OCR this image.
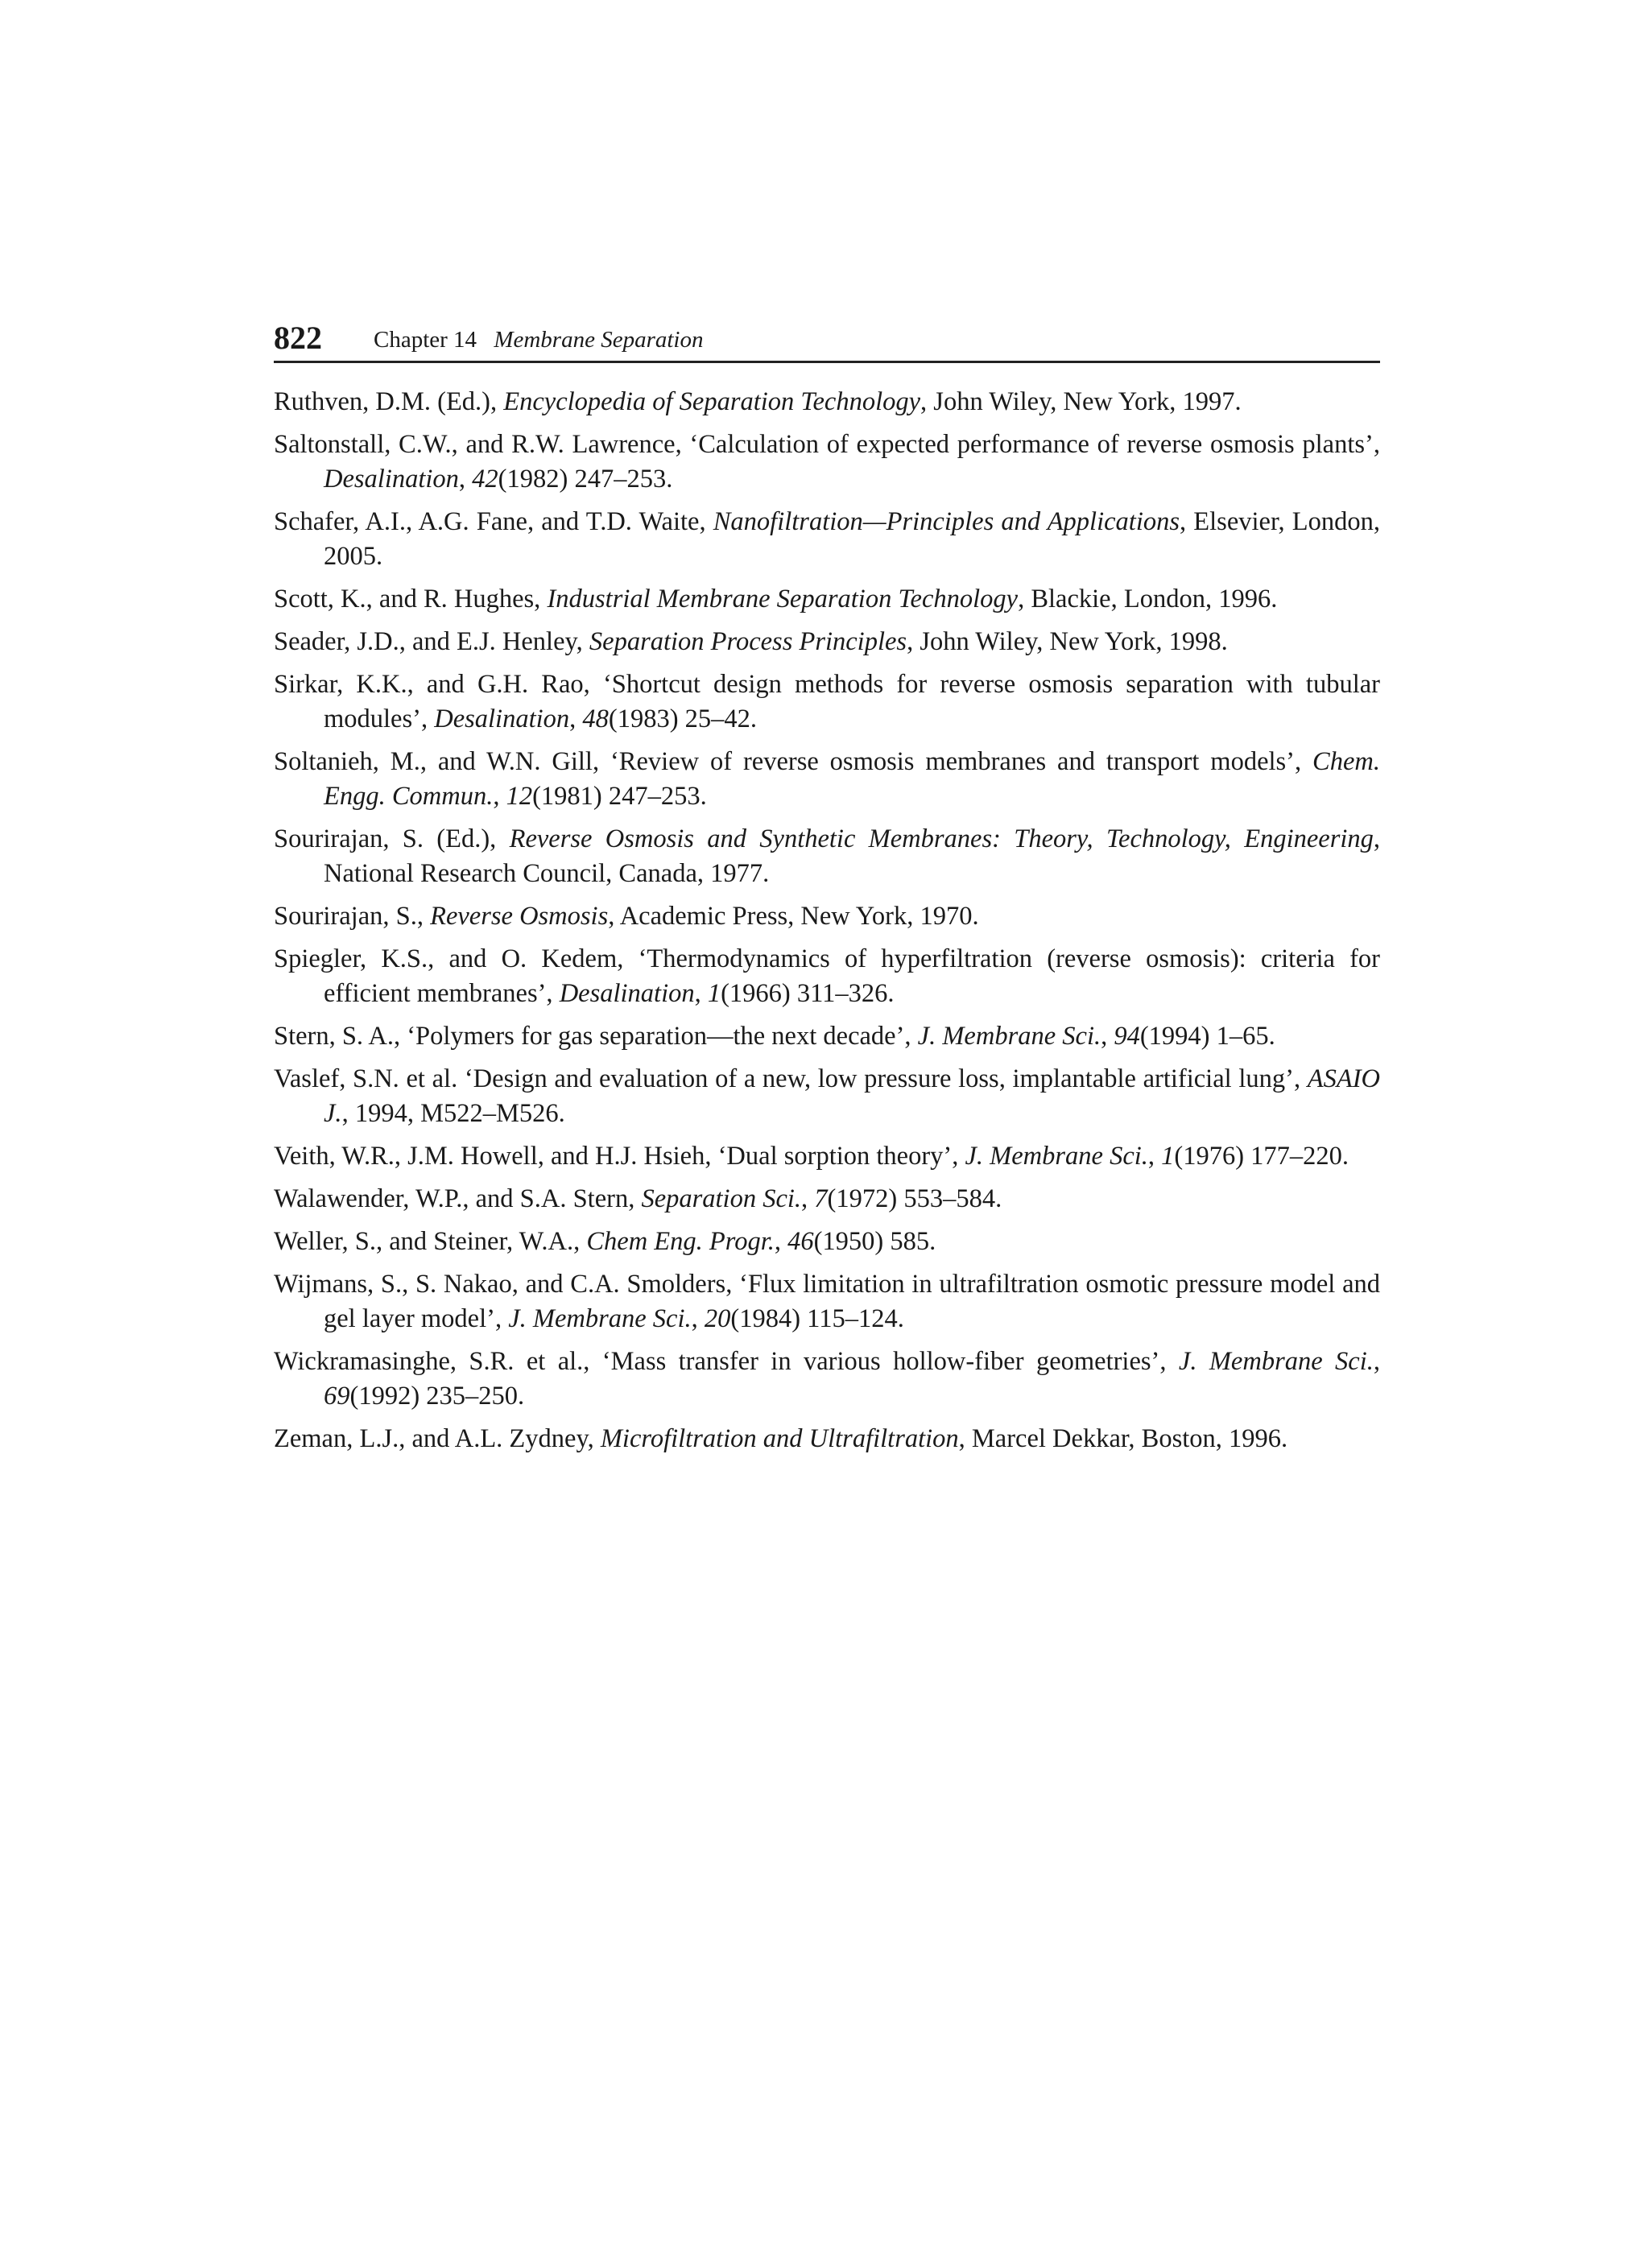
822 Chapter 14 Membrane Separation
Ruthven, D.M. (Ed.), Encyclopedia of Separation Technology, John Wiley, New York, 1997.
Saltonstall, C.W., and R.W. Lawrence, ‘Calculation of expected performance of reverse osmosis plants’, Desalination, 42(1982) 247–253.
Schafer, A.I., A.G. Fane, and T.D. Waite, Nanofiltration—Principles and Applications, Elsevier, London, 2005.
Scott, K., and R. Hughes, Industrial Membrane Separation Technology, Blackie, London, 1996.
Seader, J.D., and E.J. Henley, Separation Process Principles, John Wiley, New York, 1998.
Sirkar, K.K., and G.H. Rao, ‘Shortcut design methods for reverse osmosis separation with tubular modules’, Desalination, 48(1983) 25–42.
Soltanieh, M., and W.N. Gill, ‘Review of reverse osmosis membranes and transport models’, Chem. Engg. Commun., 12(1981) 247–253.
Sourirajan, S. (Ed.), Reverse Osmosis and Synthetic Membranes: Theory, Technology, Engineering, National Research Council, Canada, 1977.
Sourirajan, S., Reverse Osmosis, Academic Press, New York, 1970.
Spiegler, K.S., and O. Kedem, ‘Thermodynamics of hyperfiltration (reverse osmosis): criteria for efficient membranes’, Desalination, 1(1966) 311–326.
Stern, S. A., ‘Polymers for gas separation—the next decade’, J. Membrane Sci., 94(1994) 1–65.
Vaslef, S.N. et al. ‘Design and evaluation of a new, low pressure loss, implantable artificial lung’, ASAIO J., 1994, M522–M526.
Veith, W.R., J.M. Howell, and H.J. Hsieh, ‘Dual sorption theory’, J. Membrane Sci., 1(1976) 177–220.
Walawender, W.P., and S.A. Stern, Separation Sci., 7(1972) 553–584.
Weller, S., and Steiner, W.A., Chem Eng. Progr., 46(1950) 585.
Wijmans, S., S. Nakao, and C.A. Smolders, ‘Flux limitation in ultrafiltration osmotic pressure model and gel layer model’, J. Membrane Sci., 20(1984) 115–124.
Wickramasinghe, S.R. et al., ‘Mass transfer in various hollow-fiber geometries’, J. Membrane Sci., 69(1992) 235–250.
Zeman, L.J., and A.L. Zydney, Microfiltration and Ultrafiltration, Marcel Dekkar, Boston, 1996.
